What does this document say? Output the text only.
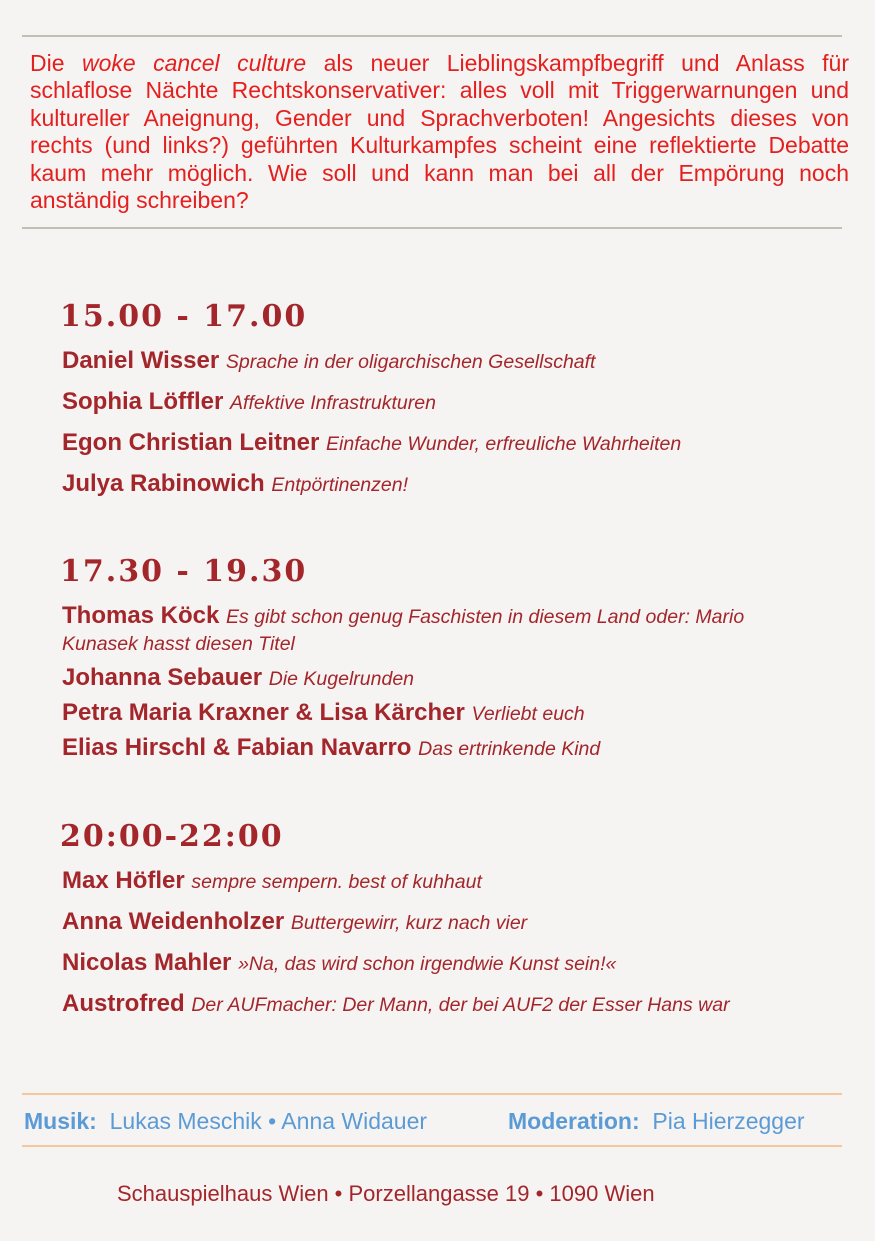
Die woke cancel culture als neuer Lieblingskampfbegriff und Anlass für schlaflose Nächte Rechtskonservativer: alles voll mit Triggerwarnungen und kultureller Aneignung, Gender und Sprachverboten! Angesichts dieses von rechts (und links?) geführten Kulturkampfes scheint eine reflektierte Debatte kaum mehr möglich. Wie soll und kann man bei all der Empörung noch anständig schreiben?

15.00 - 17.00
Daniel Wisser Sprache in der oligarchischen Gesellschaft
Sophia Löffler Affektive Infrastrukturen
Egon Christian Leitner Einfache Wunder, erfreuliche Wahrheiten
Julya Rabinowich Entpörtinenzen!
17.30 - 19.30
Thomas Köck Es gibt schon genug Faschisten in diesem Land oder: Mario Kunasek hasst diesen Titel
Johanna Sebauer Die Kugelrunden
Petra Maria Kraxner & Lisa Kärcher Verliebt euch
Elias Hirschl & Fabian Navarro Das ertrinkende Kind
20:00-22:00
Max Höfler sempre sempern. best of kuhhaut
Anna Weidenholzer Buttergewirr, kurz nach vier
Nicolas Mahler »Na, das wird schon irgendwie Kunst sein!«
Austrofred Der AUFmacher: Der Mann, der bei AUF2 der Esser Hans war
Musik: Lukas Meschik • Anna Widauer	Moderation: Pia Hierzegger
Schauspielhaus Wien • Porzellangasse 19 • 1090 Wien
